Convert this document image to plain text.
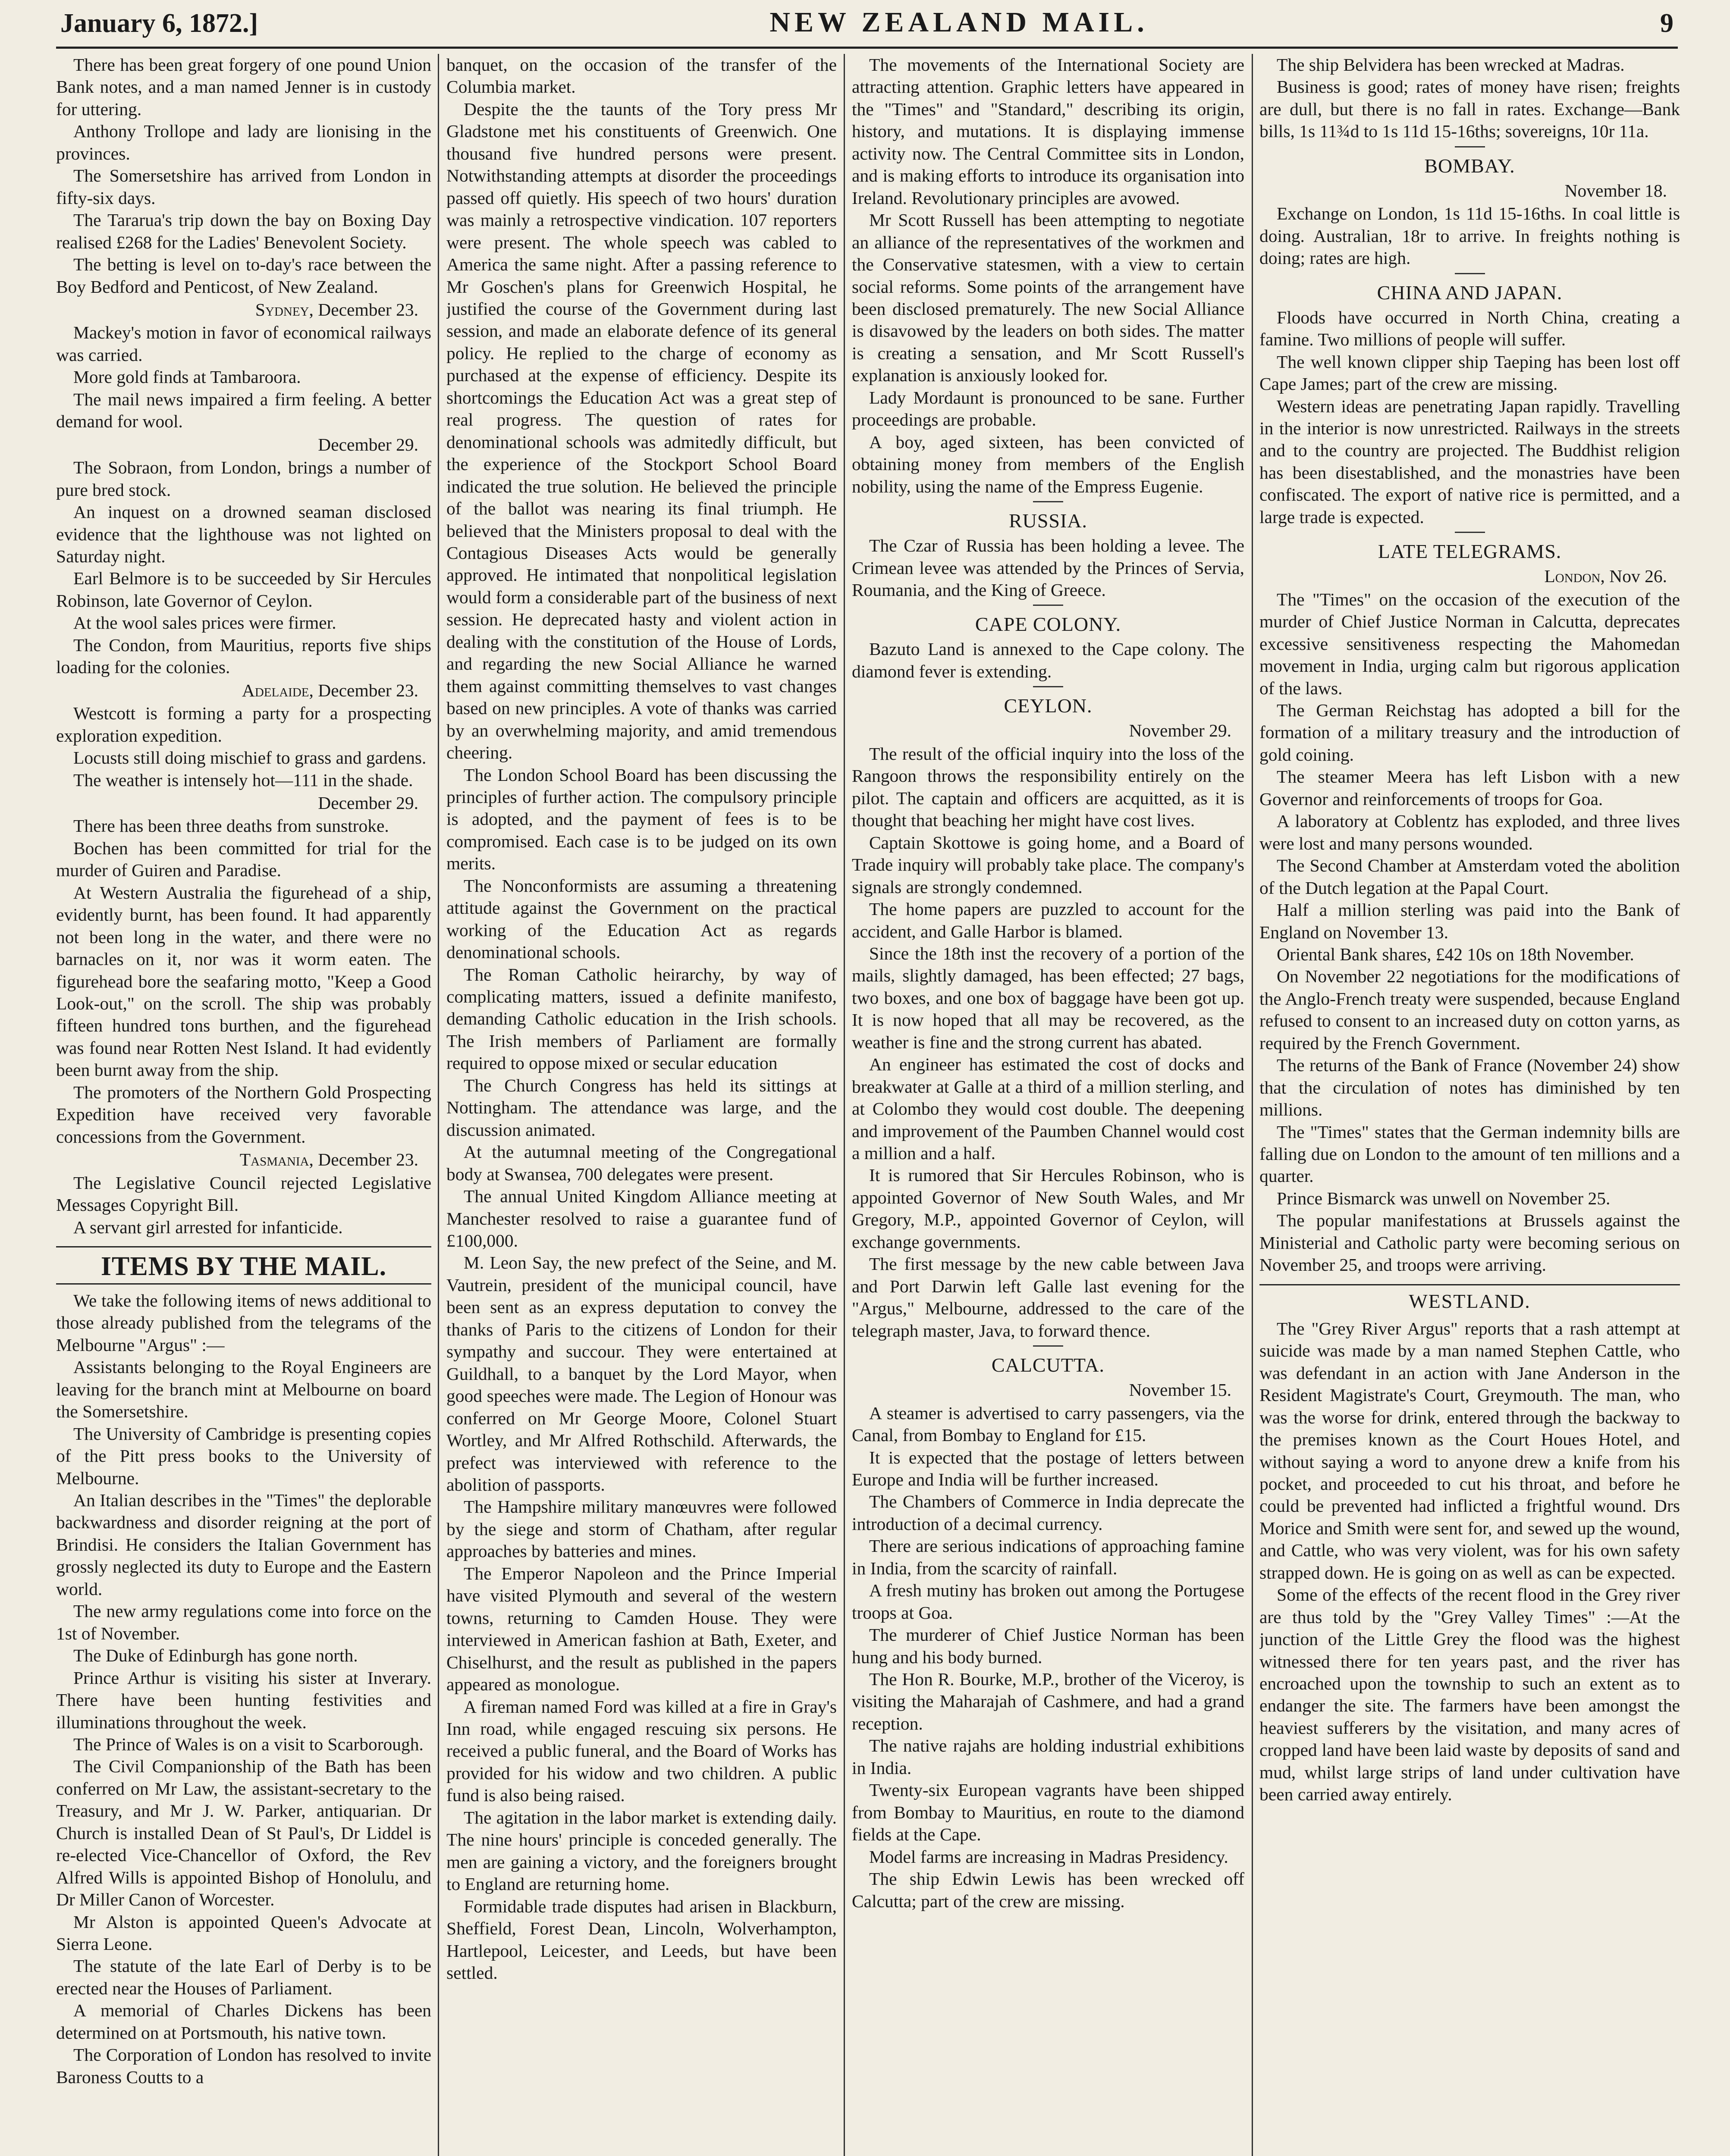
January 6, 1872.]	NEW ZEALAND MAIL.	9

There has been great forgery of one pound Union Bank notes, and a man named Jenner is in custody for uttering.

Anthony Trollope and lady are lionising in the provinces.

The Somersetshire has arrived from London in fifty-six days.

The Tararua's trip down the bay on Boxing Day realised £268 for the Ladies' Benevolent Society.

The betting is level on to-day's race between the Boy Bedford and Penticost, of New Zealand.

Sydney, December 23.

Mackey's motion in favor of economical railways was carried.

More gold finds at Tambaroora.

The mail news impaired a firm feeling. A better demand for wool.

December 29.

The Sobraon, from London, brings a number of pure bred stock.

An inquest on a drowned seaman disclosed evidence that the lighthouse was not lighted on Saturday night.

Earl Belmore is to be succeeded by Sir Hercules Robinson, late Governor of Ceylon.

At the wool sales prices were firmer.

The Condon, from Mauritius, reports five ships loading for the colonies.

Adelaide, December 23.

Westcott is forming a party for a prospecting exploration expedition.

Locusts still doing mischief to grass and gardens.

The weather is intensely hot—111 in the shade.

December 29.

There has been three deaths from sunstroke.

Bochen has been committed for trial for the murder of Guiren and Paradise.

At Western Australia the figurehead of a ship, evidently burnt, has been found. It had apparently not been long in the water, and there were no barnacles on it, nor was it worm eaten. The figurehead bore the seafaring motto, "Keep a Good Look-out," on the scroll. The ship was probably fifteen hundred tons burthen, and the figurehead was found near Rotten Nest Island. It had evidently been burnt away from the ship.

The promoters of the Northern Gold Prospecting Expedition have received very favorable concessions from the Government.

Tasmania, December 23.

The Legislative Council rejected Legislative Messages Copyright Bill.

A servant girl arrested for infanticide.

ITEMS BY THE MAIL.

We take the following items of news additional to those already published from the telegrams of the Melbourne "Argus" :—

Assistants belonging to the Royal Engineers are leaving for the branch mint at Melbourne on board the Somersetshire.

The University of Cambridge is presenting copies of the Pitt press books to the University of Melbourne.

An Italian describes in the "Times" the deplorable backwardness and disorder reigning at the port of Brindisi. He considers the Italian Government has grossly neglected its duty to Europe and the Eastern world.

The new army regulations come into force on the 1st of November.

The Duke of Edinburgh has gone north.

Prince Arthur is visiting his sister at Inverary. There have been hunting festivities and illuminations throughout the week.

The Prince of Wales is on a visit to Scarborough.

The Civil Companionship of the Bath has been conferred on Mr Law, the assistant-secretary to the Treasury, and Mr J. W. Parker, antiquarian. Dr Church is installed Dean of St Paul's, Dr Liddel is re-elected Vice-Chancellor of Oxford, the Rev Alfred Wills is appointed Bishop of Honolulu, and Dr Miller Canon of Worcester.

Mr Alston is appointed Queen's Advocate at Sierra Leone.

The statute of the late Earl of Derby is to be erected near the Houses of Parliament.

A memorial of Charles Dickens has been determined on at Portsmouth, his native town.

The Corporation of London has resolved to invite Baroness Coutts to a

banquet, on the occasion of the transfer of the Columbia market.

Despite the the taunts of the Tory press Mr Gladstone met his constituents of Greenwich. One thousand five hundred persons were present. Notwithstanding attempts at disorder the proceedings passed off quietly. His speech of two hours' duration was mainly a retrospective vindication. 107 reporters were present. The whole speech was cabled to America the same night. After a passing reference to Mr Goschen's plans for Greenwich Hospital, he justified the course of the Government during last session, and made an elaborate defence of its general policy. He replied to the charge of economy as purchased at the expense of efficiency. Despite its shortcomings the Education Act was a great step of real progress. The question of rates for denominational schools was admitedly difficult, but the experience of the Stockport School Board indicated the true solution. He believed the principle of the ballot was nearing its final triumph. He believed that the Ministers proposal to deal with the Contagious Diseases Acts would be generally approved. He intimated that nonpolitical legislation would form a considerable part of the business of next session. He deprecated hasty and violent action in dealing with the constitution of the House of Lords, and regarding the new Social Alliance he warned them against committing themselves to vast changes based on new principles. A vote of thanks was carried by an overwhelming majority, and amid tremendous cheering.

The London School Board has been discussing the principles of further action. The compulsory principle is adopted, and the payment of fees is to be compromised. Each case is to be judged on its own merits.

The Nonconformists are assuming a threatening attitude against the Government on the practical working of the Education Act as regards denominational schools.

The Roman Catholic heirarchy, by way of complicating matters, issued a definite manifesto, demanding Catholic education in the Irish schools. The Irish members of Parliament are formally required to oppose mixed or secular education

The Church Congress has held its sittings at Nottingham. The attendance was large, and the discussion animated.

At the autumnal meeting of the Congregational body at Swansea, 700 delegates were present.

The annual United Kingdom Alliance meeting at Manchester resolved to raise a guarantee fund of £100,000.

M. Leon Say, the new prefect of the Seine, and M. Vautrein, president of the municipal council, have been sent as an express deputation to convey the thanks of Paris to the citizens of London for their sympathy and succour. They were entertained at Guildhall, to a banquet by the Lord Mayor, when good speeches were made. The Legion of Honour was conferred on Mr George Moore, Colonel Stuart Wortley, and Mr Alfred Rothschild. Afterwards, the prefect was interviewed with reference to the abolition of passports.

The Hampshire military manœuvres were followed by the siege and storm of Chatham, after regular approaches by batteries and mines.

The Emperor Napoleon and the Prince Imperial have visited Plymouth and several of the western towns, returning to Camden House. They were interviewed in American fashion at Bath, Exeter, and Chiselhurst, and the result as published in the papers appeared as monologue.

A fireman named Ford was killed at a fire in Gray's Inn road, while engaged rescuing six persons. He received a public funeral, and the Board of Works has provided for his widow and two children. A public fund is also being raised.

The agitation in the labor market is extending daily. The nine hours' principle is conceded generally. The men are gaining a victory, and the foreigners brought to England are returning home.

Formidable trade disputes had arisen in Blackburn, Sheffield, Forest Dean, Lincoln, Wolverhampton, Hartlepool, Leicester, and Leeds, but have been settled.

The movements of the International Society are attracting attention. Graphic letters have appeared in the "Times" and "Standard," describing its origin, history, and mutations. It is displaying immense activity now. The Central Committee sits in London, and is making efforts to introduce its organisation into Ireland. Revolutionary principles are avowed.

Mr Scott Russell has been attempting to negotiate an alliance of the representatives of the workmen and the Conservative statesmen, with a view to certain social reforms. Some points of the arrangement have been disclosed prematurely. The new Social Alliance is disavowed by the leaders on both sides. The matter is creating a sensation, and Mr Scott Russell's explanation is anxiously looked for.

Lady Mordaunt is pronounced to be sane. Further proceedings are probable.

A boy, aged sixteen, has been convicted of obtaining money from members of the English nobility, using the name of the Empress Eugenie.

RUSSIA.

The Czar of Russia has been holding a levee. The Crimean levee was attended by the Princes of Servia, Roumania, and the King of Greece.

CAPE COLONY.

Bazuto Land is annexed to the Cape colony. The diamond fever is extending.

CEYLON.
November 29.

The result of the official inquiry into the loss of the Rangoon throws the responsibility entirely on the pilot. The captain and officers are acquitted, as it is thought that beaching her might have cost lives.

Captain Skottowe is going home, and a Board of Trade inquiry will probably take place. The company's signals are strongly condemned.

The home papers are puzzled to account for the accident, and Galle Harbor is blamed.

Since the 18th inst the recovery of a portion of the mails, slightly damaged, has been effected; 27 bags, two boxes, and one box of baggage have been got up. It is now hoped that all may be recovered, as the weather is fine and the strong current has abated.

An engineer has estimated the cost of docks and breakwater at Galle at a third of a million sterling, and at Colombo they would cost double. The deepening and improvement of the Paumben Channel would cost a million and a half.

It is rumored that Sir Hercules Robinson, who is appointed Governor of New South Wales, and Mr Gregory, M.P., appointed Governor of Ceylon, will exchange governments.

The first message by the new cable between Java and Port Darwin left Galle last evening for the "Argus," Melbourne, addressed to the care of the telegraph master, Java, to forward thence.

CALCUTTA.
November 15.

A steamer is advertised to carry passengers, via the Canal, from Bombay to England for £15.

It is expected that the postage of letters between Europe and India will be further increased.

The Chambers of Commerce in India deprecate the introduction of a decimal currency.

There are serious indications of approaching famine in India, from the scarcity of rainfall.

A fresh mutiny has broken out among the Portugese troops at Goa.

The murderer of Chief Justice Norman has been hung and his body burned.

The Hon R. Bourke, M.P., brother of the Viceroy, is visiting the Maharajah of Cashmere, and had a grand reception.

The native rajahs are holding industrial exhibitions in India.

Twenty-six European vagrants have been shipped from Bombay to Mauritius, en route to the diamond fields at the Cape.

Model farms are increasing in Madras Presidency.

The ship Edwin Lewis has been wrecked off Calcutta; part of the crew are missing.

The ship Belvidera has been wrecked at Madras.

Business is good; rates of money have risen; freights are dull, but there is no fall in rates. Exchange—Bank bills, 1s 11¾d to 1s 11d 15-16ths; sovereigns, 10r 11a.

BOMBAY.
November 18.

Exchange on London, 1s 11d 15-16ths. In coal little is doing. Australian, 18r to arrive. In freights nothing is doing; rates are high.

CHINA AND JAPAN.

Floods have occurred in North China, creating a famine. Two millions of people will suffer.

The well known clipper ship Taeping has been lost off Cape James; part of the crew are missing.

Western ideas are penetrating Japan rapidly. Travelling in the interior is now unrestricted. Railways in the streets and to the country are projected. The Buddhist religion has been disestablished, and the monastries have been confiscated. The export of native rice is permitted, and a large trade is expected.

LATE TELEGRAMS.
London, Nov 26.

The "Times" on the occasion of the execution of the murder of Chief Justice Norman in Calcutta, deprecates excessive sensitiveness respecting the Mahomedan movement in India, urging calm but rigorous application of the laws.

The German Reichstag has adopted a bill for the formation of a military treasury and the introduction of gold coining.

The steamer Meera has left Lisbon with a new Governor and reinforcements of troops for Goa.

A laboratory at Coblentz has exploded, and three lives were lost and many persons wounded.

The Second Chamber at Amsterdam voted the abolition of the Dutch legation at the Papal Court.

Half a million sterling was paid into the Bank of England on November 13.

Oriental Bank shares, £42 10s on 18th November.

On November 22 negotiations for the modifications of the Anglo-French treaty were suspended, because England refused to consent to an increased duty on cotton yarns, as required by the French Government.

The returns of the Bank of France (November 24) show that the circulation of notes has diminished by ten millions.

The "Times" states that the German indemnity bills are falling due on London to the amount of ten millions and a quarter.

Prince Bismarck was unwell on November 25.

The popular manifestations at Brussels against the Ministerial and Catholic party were becoming serious on November 25, and troops were arriving.

WESTLAND.

The "Grey River Argus" reports that a rash attempt at suicide was made by a man named Stephen Cattle, who was defendant in an action with Jane Anderson in the Resident Magistrate's Court, Greymouth. The man, who was the worse for drink, entered through the backway to the premises known as the Court Houes Hotel, and without saying a word to anyone drew a knife from his pocket, and proceeded to cut his throat, and before he could be prevented had inflicted a frightful wound. Drs Morice and Smith were sent for, and sewed up the wound, and Cattle, who was very violent, was for his own safety strapped down. He is going on as well as can be expected.

Some of the effects of the recent flood in the Grey river are thus told by the "Grey Valley Times" :—At the junction of the Little Grey the flood was the highest witnessed there for ten years past, and the river has encroached upon the township to such an extent as to endanger the site. The farmers have been amongst the heaviest sufferers by the visitation, and many acres of cropped land have been laid waste by deposits of sand and mud, whilst large strips of land under cultivation have been carried away entirely.
